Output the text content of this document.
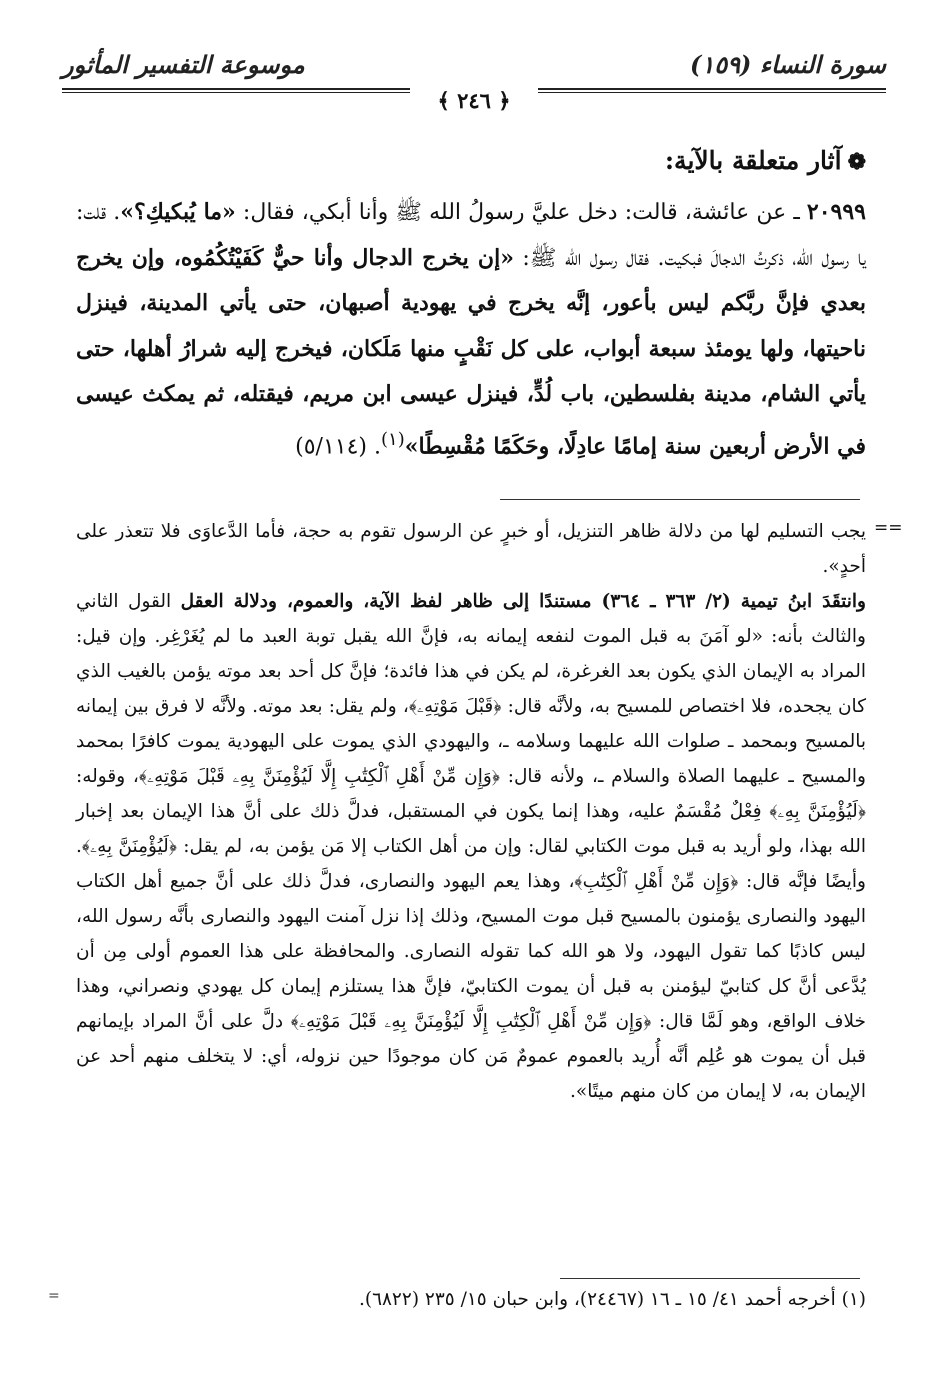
موسوعة التفسير المأثور	سورة النساء (١٥٩)
﴾ ٢٤٦ ﴿
❁آثار متعلقة بالآية:
٢٠٩٩٩ ـ عن عائشة، قالت: دخل عليَّ رسولُ الله ﷺ وأنا أبكي، فقال: «ما يُبكيكِ؟». قلت: يا رسول الله، ذكرتُ الدجالَ فبكيت. فقال رسول الله ﷺ: «إن يخرج الدجال وأنا حيٌّ كَفَيْتُكُمُوه، وإن يخرج بعدي فإنَّ ربَّكم ليس بأعور، إنَّه يخرج في يهودية أصبهان، حتى يأتي المدينة، فينزل ناحيتها، ولها يومئذ سبعة أبواب، على كل نَقْبٍ منها مَلَكان، فيخرج إليه شرارُ أهلها، حتى يأتي الشام، مدينة بفلسطين، باب لُدٍّ، فينزل عيسى ابن مريم، فيقتله، ثم يمكث عيسى في الأرض أربعين سنة إمامًا عادِلًا، وحَكَمًا مُقْسِطًا»$^{(١)}$. (٥/١١٤)
==

يجب التسليم لها من دلالة ظاهر التنزيل، أو خبرٍ عن الرسول تقوم به حجة، فأما الدَّعاوَى فلا تتعذر على أحدٍ».

وانتقَدَ ابنُ تيمية (٢/ ٣٦٣ ـ ٣٦٤) مستندًا إلى ظاهر لفظ الآية، والعموم، ودلالة العقل القول الثاني والثالث بأنه: «لو آمَنَ به قبل الموت لنفعه إيمانه به، فإنَّ الله يقبل توبة العبد ما لم يُغَرْغِر. وإن قيل: المراد به الإيمان الذي يكون بعد الغرغرة، لم يكن في هذا فائدة؛ فإنَّ كل أحد بعد موته يؤمن بالغيب الذي كان يجحده، فلا اختصاص للمسيح به، ولأنَّه قال: ﴿قَبْلَ مَوْتِهِۦ﴾، ولم يقل: بعد موته. ولأنَّه لا فرق بين إيمانه بالمسيح وبمحمد ـ صلوات الله عليهما وسلامه ـ، واليهودي الذي يموت على اليهودية يموت كافرًا بمحمد والمسيح ـ عليهما الصلاة والسلام ـ، ولأنه قال: ﴿وَإِن مِّنْ أَهْلِ ٱلْكِتَٰبِ إِلَّا لَيُؤْمِنَنَّ بِهِۦ قَبْلَ مَوْتِهِۦ﴾، وقوله: ﴿لَيُؤْمِنَنَّ بِهِۦ﴾ فِعْلٌ مُقْسَمٌ عليه، وهذا إنما يكون في المستقبل، فدلَّ ذلك على أنَّ هذا الإيمان بعد إخبار الله بهذا، ولو أريد به قبل موت الكتابي لقال: وإن من أهل الكتاب إلا مَن يؤمن به، لم يقل: ﴿لَيُؤْمِنَنَّ بِهِۦ﴾. وأيضًا فإنَّه قال: ﴿وَإِن مِّنْ أَهْلِ ٱلْكِتَٰبِ﴾، وهذا يعم اليهود والنصارى، فدلَّ ذلك على أنَّ جميع أهل الكتاب اليهود والنصارى يؤمنون بالمسيح قبل موت المسيح، وذلك إذا نزل آمنت اليهود والنصارى بأنَّه رسول الله، ليس كاذبًا كما تقول اليهود، ولا هو الله كما تقوله النصارى. والمحافظة على هذا العموم أولى مِن أن يُدَّعى أنَّ كل كتابيّ ليؤمنن به قبل أن يموت الكتابيّ، فإنَّ هذا يستلزم إيمان كل يهودي ونصراني، وهذا خلاف الواقع، وهو لَمَّا قال: ﴿وَإِن مِّنْ أَهْلِ ٱلْكِتَٰبِ إِلَّا لَيُؤْمِنَنَّ بِهِۦ قَبْلَ مَوْتِهِۦ﴾ دلَّ على أنَّ المراد بإيمانهم قبل أن يموت هو عُلِم أنَّه أُريد بالعموم عمومٌ مَن كان موجودًا حين نزوله، أي: لا يتخلف منهم أحد عن الإيمان به، لا إيمان من كان منهم ميتًا».

(١) أخرجه أحمد ٤١/ ١٥ ـ ١٦ (٢٤٤٦٧)، وابن حبان ١٥/ ٢٣٥ (٦٨٢٢).
=
